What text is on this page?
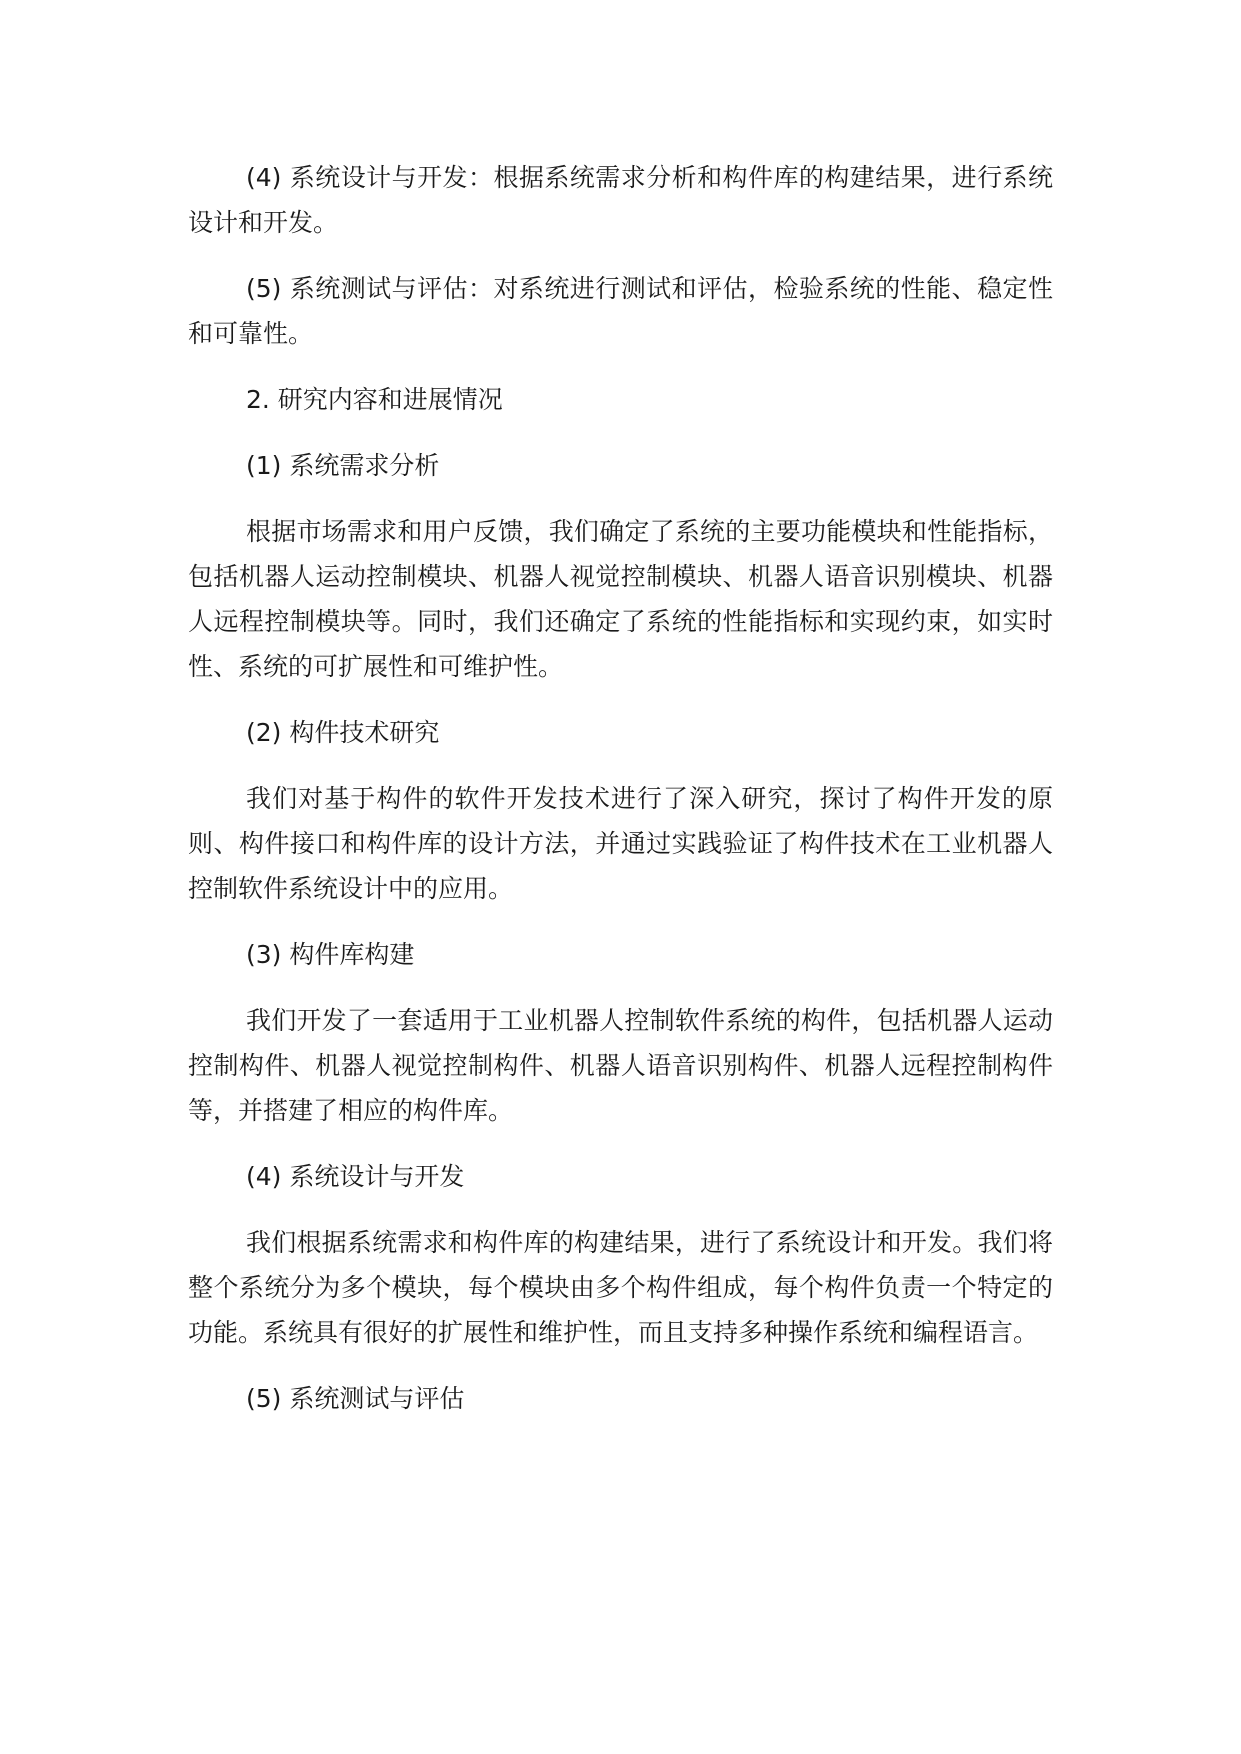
(4) 系统设计与开发：根据系统需求分析和构件库的构建结果，进行系统设计和开发。

(5) 系统测试与评估：对系统进行测试和评估，检验系统的性能、稳定性和可靠性。

2. 研究内容和进展情况

(1) 系统需求分析

根据市场需求和用户反馈，我们确定了系统的主要功能模块和性能指标，包括机器人运动控制模块、机器人视觉控制模块、机器人语音识别模块、机器人远程控制模块等。同时，我们还确定了系统的性能指标和实现约束，如实时性、系统的可扩展性和可维护性。

(2) 构件技术研究

我们对基于构件的软件开发技术进行了深入研究，探讨了构件开发的原则、构件接口和构件库的设计方法，并通过实践验证了构件技术在工业机器人控制软件系统设计中的应用。

(3) 构件库构建

我们开发了一套适用于工业机器人控制软件系统的构件，包括机器人运动控制构件、机器人视觉控制构件、机器人语音识别构件、机器人远程控制构件等，并搭建了相应的构件库。

(4) 系统设计与开发

我们根据系统需求和构件库的构建结果，进行了系统设计和开发。我们将整个系统分为多个模块，每个模块由多个构件组成，每个构件负责一个特定的功能。系统具有很好的扩展性和维护性，而且支持多种操作系统和编程语言。

(5) 系统测试与评估
